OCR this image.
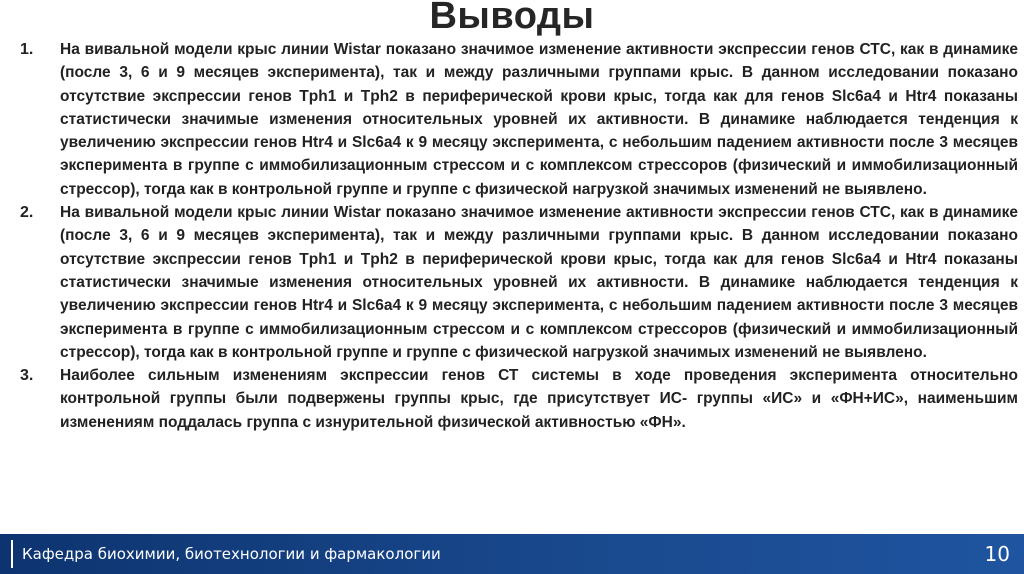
Выводы
1. На вивальной модели крыс линии Wistar показано значимое изменение активности экспрессии генов СТС, как в динамике (после 3, 6 и 9 месяцев эксперимента), так и между различными группами крыс. В данном исследовании показано отсутствие экспрессии генов Tph1 и Tph2 в периферической крови крыс, тогда как для генов Slc6a4 и Htr4 показаны статистически значимые изменения относительных уровней их активности. В динамике наблюдается тенденция к увеличению экспрессии генов Htr4 и Slc6a4 к 9 месяцу эксперимента, с небольшим падением активности после 3 месяцев эксперимента в группе с иммобилизационным стрессом и с комплексом стрессоров (физический и иммобилизационный стрессор), тогда как в контрольной группе и группе с физической нагрузкой значимых изменений не выявлено.
2. На вивальной модели крыс линии Wistar показано значимое изменение активности экспрессии генов СТС, как в динамике (после 3, 6 и 9 месяцев эксперимента), так и между различными группами крыс. В данном исследовании показано отсутствие экспрессии генов Tph1 и Tph2 в периферической крови крыс, тогда как для генов Slc6a4 и Htr4 показаны статистически значимые изменения относительных уровней их активности. В динамике наблюдается тенденция к увеличению экспрессии генов Htr4 и Slc6a4 к 9 месяцу эксперимента, с небольшим падением активности после 3 месяцев эксперимента в группе с иммобилизационным стрессом и с комплексом стрессоров (физический и иммобилизационный стрессор), тогда как в контрольной группе и группе с физической нагрузкой значимых изменений не выявлено.
3. Наиболее сильным изменениям экспрессии генов СТ системы в ходе проведения эксперимента относительно контрольной группы были подвержены группы крыс, где присутствует ИС- группы «ИС» и «ФН+ИС», наименьшим изменениям поддалась группа с изнурительной физической активностью «ФН».
Кафедра биохимии, биотехнологии и фармакологии	10
